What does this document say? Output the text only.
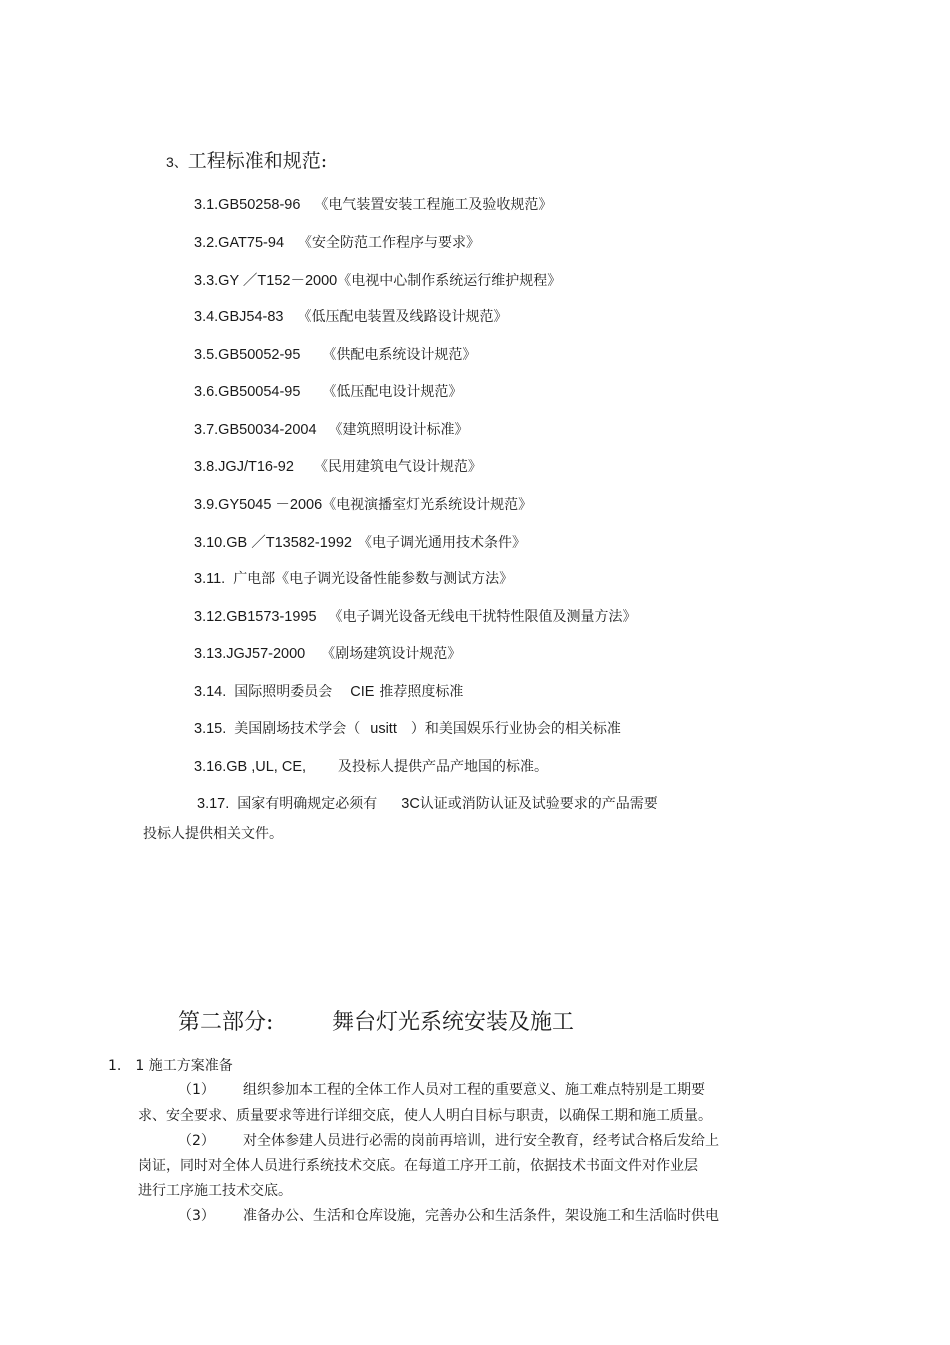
3、工程标准和规范:
3.1.GB50258-96 《电气装置安装工程施工及验收规范》
3.2.GAT75-94 《安全防范工作程序与要求》
3.3.GY ／T152－2000《电视中心制作系统运行维护规程》
3.4.GBJ54-83 《低压配电装置及线路设计规范》
3.5.GB50052-95 《供配电系统设计规范》
3.6.GB50054-95 《低压配电设计规范》
3.7.GB50034-2004 《建筑照明设计标准》
3.8.JGJ/T16-92 《民用建筑电气设计规范》
3.9.GY5045 －2006《电视演播室灯光系统设计规范》
3.10.GB ／T13582-1992 《电子调光通用技术条件》
3.11. 广电部《电子调光设备性能参数与测试方法》
3.12.GB1573-1995 《电子调光设备无线电干扰特性限值及测量方法》
3.13.JGJ57-2000 《剧场建筑设计规范》
3.14. 国际照明委员会 CIE 推荐照度标准
3.15. 美国剧场技术学会（ usitt ）和美国娱乐行业协会的相关标准
3.16.GB ,UL, CE, 及投标人提供产品产地国的标准。
3.17. 国家有明确规定必须有 3C认证或消防认证及试验要求的产品需要
投标人提供相关文件。
第二部分:	舞台灯光系统安装及施工
1.　1 施工方案准备
（1） 组织参加本工程的全体工作人员对工程的重要意义、施工难点特别是工期要
求、安全要求、质量要求等进行详细交底，使人人明白目标与职责，以确保工期和施工质量。
（2） 对全体参建人员进行必需的岗前再培训，进行安全教育，经考试合格后发给上
岗证，同时对全体人员进行系统技术交底。在每道工序开工前，依据技术书面文件对作业层
进行工序施工技术交底。
（3） 准备办公、生活和仓库设施，完善办公和生活条件，架设施工和生活临时供电
